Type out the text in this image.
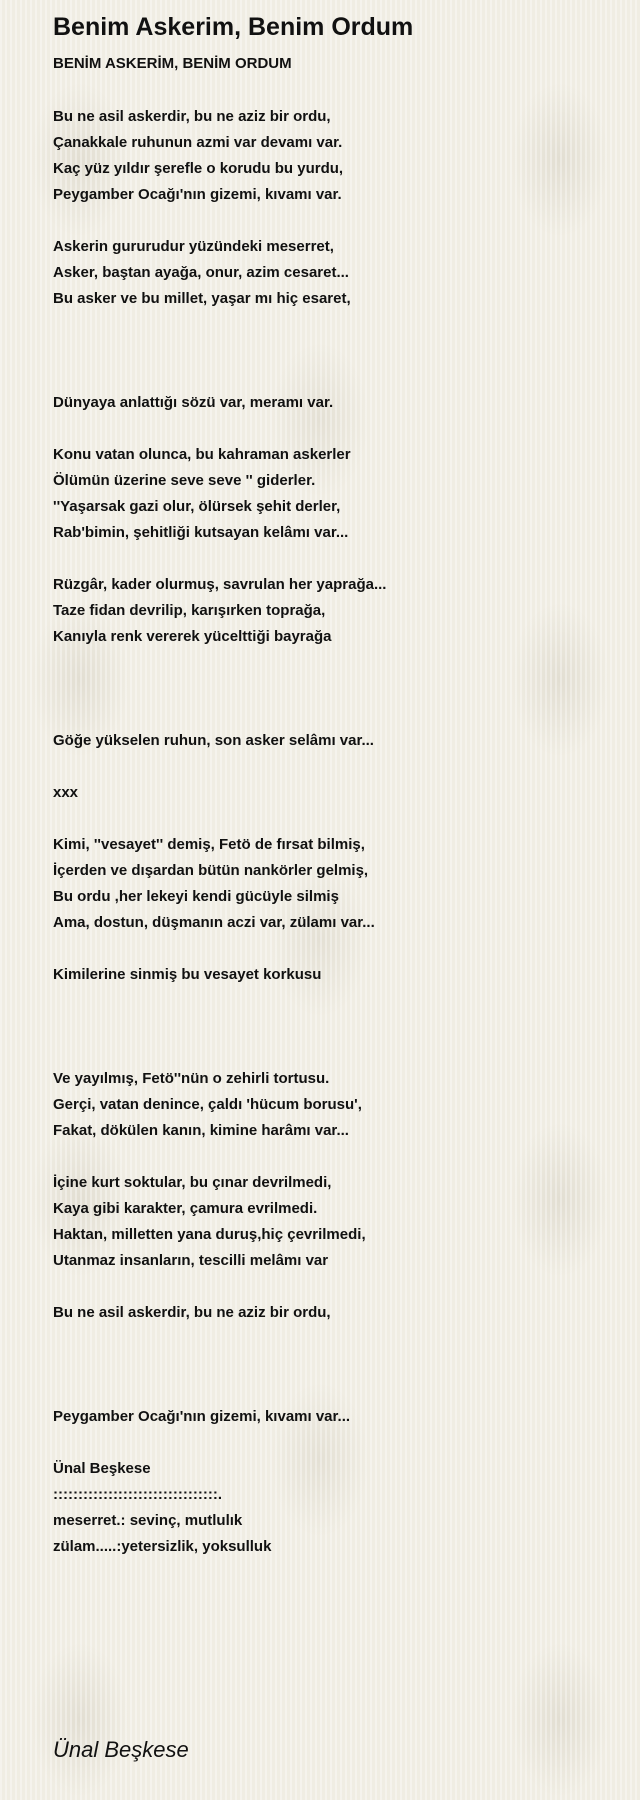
Benim Askerim, Benim Ordum
BENİM ASKERİM, BENİM ORDUM
Bu ne asil askerdir, bu ne aziz bir ordu,
Çanakkale ruhunun azmi var devamı var.
Kaç yüz yıldır şerefle o korudu bu yurdu,
Peygamber Ocağı'nın gizemi, kıvamı var.
Askerin gururudur yüzündeki meserret,
Asker, baştan ayağa, onur, azim cesaret...
Bu asker ve bu millet, yaşar mı hiç esaret,
Dünyaya anlattığı sözü var, meramı var.
Konu vatan olunca, bu kahraman askerler
Ölümün üzerine seve seve '' giderler.
''Yaşarsak gazi olur, ölürsek şehit derler,
Rab'bimin, şehitliği kutsayan kelâmı var...
Rüzgâr, kader olurmuş, savrulan her yaprağa...
Taze fidan devrilip, karışırken toprağa,
Kanıyla renk vererek yücelttiği bayrağa
Göğe yükselen ruhun, son asker selâmı var...
xxx
Kimi, ''vesayet'' demiş, Fetö de fırsat bilmiş,
İçerden ve dışardan bütün nankörler gelmiş,
Bu ordu ,her lekeyi kendi gücüyle silmiş
Ama, dostun, düşmanın aczi var, zülamı var...
Kimilerine sinmiş bu vesayet korkusu
Ve yayılmış, Fetö''nün o zehirli tortusu.
Gerçi, vatan denince, çaldı 'hücum borusu',
Fakat, dökülen kanın, kimine harâmı var...
İçine kurt soktular, bu çınar devrilmedi,
Kaya gibi karakter, çamura evrilmedi.
Haktan, milletten yana duruş,hiç çevrilmedi,
Utanmaz insanların, tescilli melâmı var
Bu ne asil askerdir, bu ne aziz bir ordu,
Peygamber Ocağı'nın gizemi, kıvamı var...
Ünal Beşkese
:::::::::::::::::::::::::::::::::.
meserret.: sevinç, mutlulık
zülam.....:yetersizlik, yoksulluk

Ünal Beşkese
